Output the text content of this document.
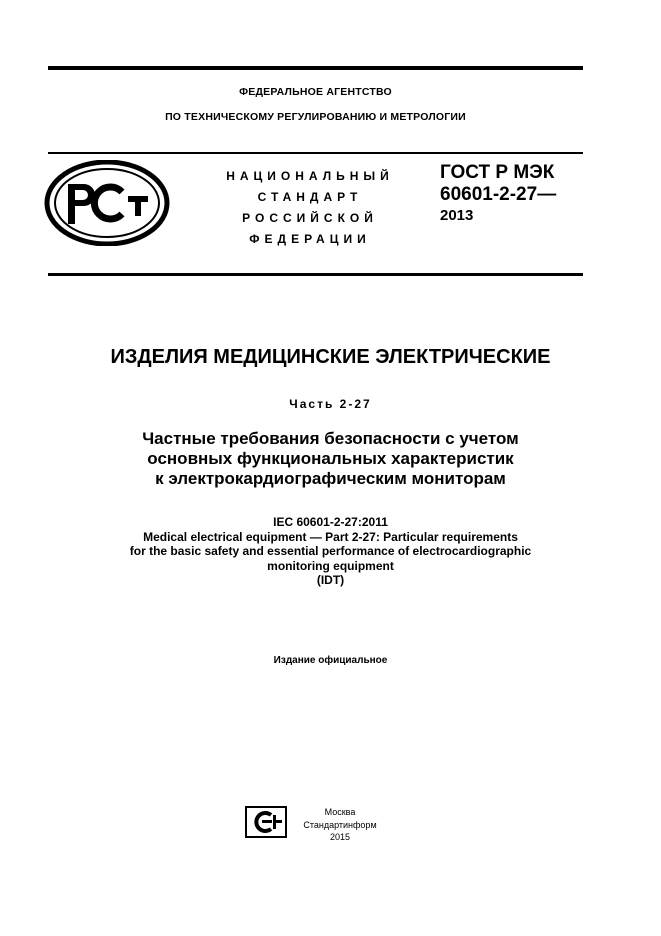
ФЕДЕРАЛЬНОЕ АГЕНТСТВО
ПО ТЕХНИЧЕСКОМУ РЕГУЛИРОВАНИЮ И МЕТРОЛОГИИ
НАЦИОНАЛЬНЫЙ
СТАНДАРТ
РОССИЙСКОЙ
ФЕДЕРАЦИИ
ГОСТ Р МЭК
60601-2-27—
2013
ИЗДЕЛИЯ МЕДИЦИНСКИЕ ЭЛЕКТРИЧЕСКИЕ
Часть 2-27
Частные требования безопасности с учетом
основных функциональных характеристик
к электрокардиографическим мониторам
IEC 60601-2-27:2011
Medical electrical equipment — Part 2-27: Particular requirements
for the basic safety and essential performance of electrocardiographic
monitoring equipment
(IDT)
Издание официальное
Москва
Стандартинформ
2015
